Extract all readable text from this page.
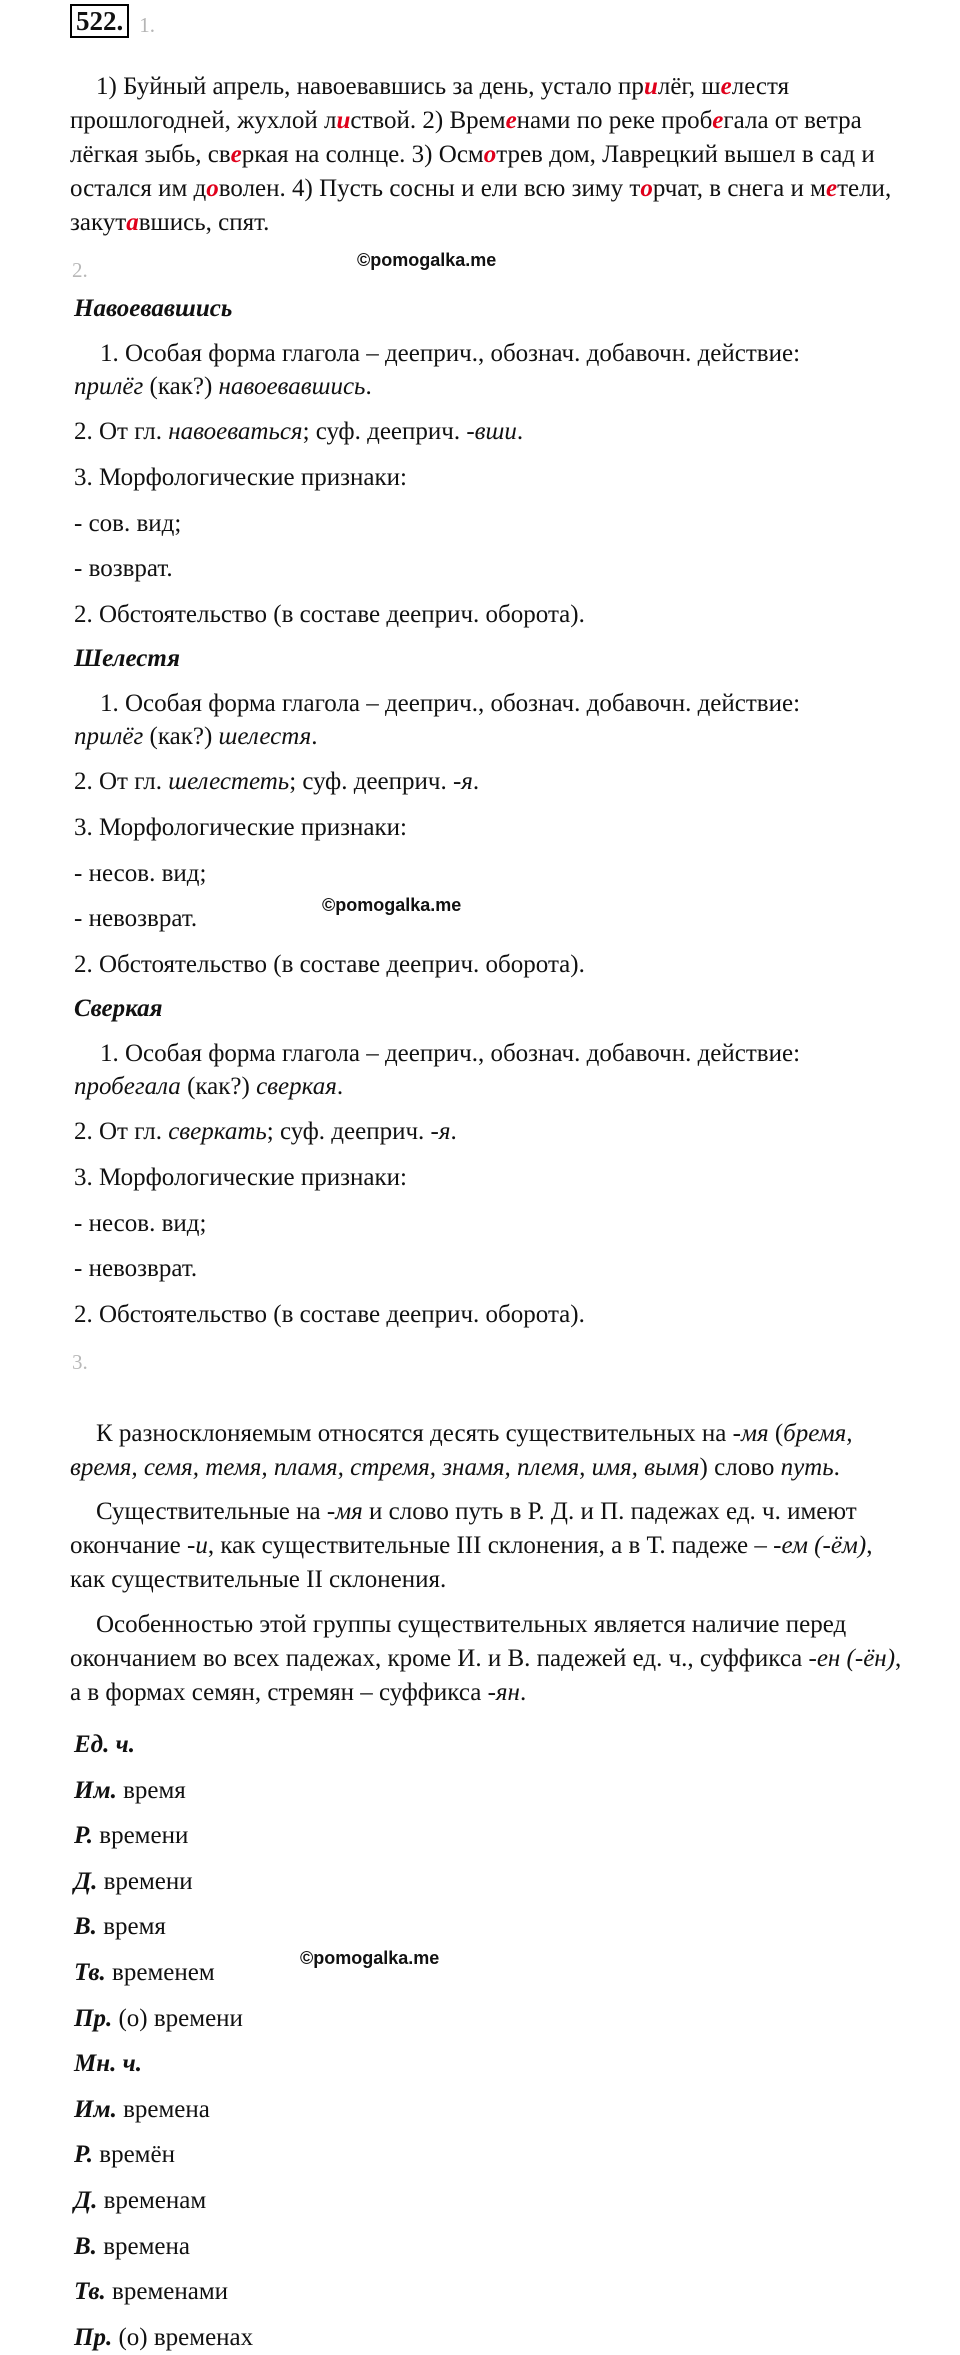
522. 1.

1) Буйный апрель, навоевавшись за день, устало прилёг, шелестя прошлогодней, жухлой листвой. 2) Временами по реке пробегала от ветра лёгкая зыбь, сверкая на солнце. 3) Осмотрев дом, Лаврецкий вышел в сад и остался им доволен. 4) Пусть сосны и ели всю зиму торчат, в снега и метели, закутавшись, спят.

2.	©pomogalka.me
Навоевавшись
1. Особая форма глагола – дееприч., обознач. добавочн. действие:
прилёг (как?) навоевавшись.
2. От гл. навоеваться; суф. дееприч. -вши.
3. Морфологические признаки:
- сов. вид;
- возврат.
2. Обстоятельство (в составе дееприч. оборота).
Шелестя
1. Особая форма глагола – дееприч., обознач. добавочн. действие:
прилёг (как?) шелестя.
2. От гл. шелестеть; суф. дееприч. -я.
3. Морфологические признаки:
- несов. вид;
- невозврат.
2. Обстоятельство (в составе дееприч. оборота).
Сверкая
1. Особая форма глагола – дееприч., обознач. добавочн. действие:
пробегала (как?) сверкая.
2. От гл. сверкать; суф. дееприч. -я.
3. Морфологические признаки:
- несов. вид;
- невозврат.
2. Обстоятельство (в составе дееприч. оборота).
©pomogalka.me
3.

К разносклоняемым относятся десять существительных на -мя (бремя, время, семя, темя, пламя, стремя, знамя, племя, имя, вымя) слово путь.

Существительные на -мя и слово путь в Р. Д. и П. падежах ед. ч. имеют окончание -и, как существительные III склонения, а в Т. падеже – -ем (-ём), как существительные II склонения.

Особенностью этой группы существительных является наличие перед окончанием во всех падежах, кроме И. и В. падежей ед. ч., суффикса -ен (-ён), а в формах семян, стремян – суффикса -ян.

Ед. ч.
Им. время
Р. времени
Д. времени
В. время
Тв. временем
Пр. (о) времени
Мн. ч.
Им. времена
Р. времён
Д. временам
В. времена
Тв. временами
Пр. (о) временах
©pomogalka.me
